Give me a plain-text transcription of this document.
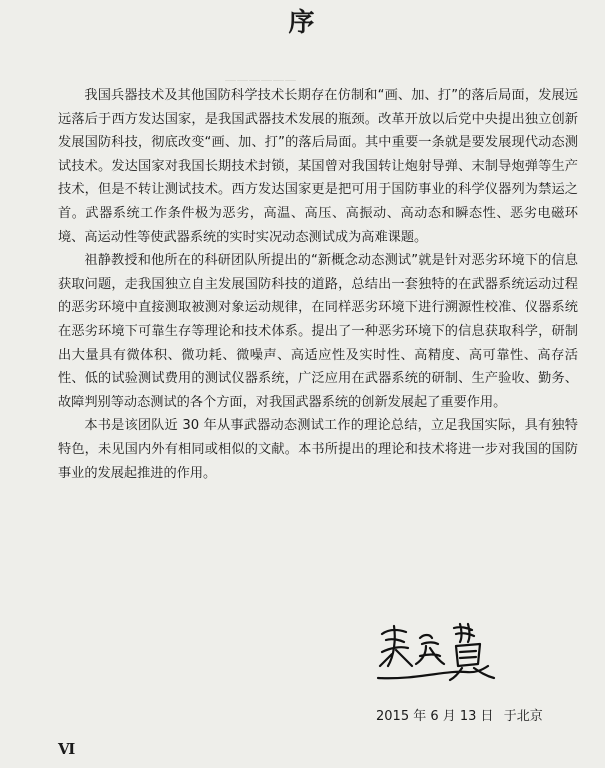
——————

序

我国兵器技术及其他国防科学技术长期存在仿制和“画、加、打”的落后局面，发展远远落后于西方发达国家，是我国武器技术发展的瓶颈。改革开放以后党中央提出独立创新发展国防科技，彻底改变“画、加、打”的落后局面。其中重要一条就是要发展现代动态测试技术。发达国家对我国长期技术封锁，某国曾对我国转让炮射导弹、末制导炮弹等生产技术，但是不转让测试技术。西方发达国家更是把可用于国防事业的科学仪器列为禁运之首。武器系统工作条件极为恶劣，高温、高压、高振动、高动态和瞬态性、恶劣电磁环境、高运动性等使武器系统的实时实况动态测试成为高难课题。

祖静教授和他所在的科研团队所提出的“新概念动态测试”就是针对恶劣环境下的信息获取问题，走我国独立自主发展国防科技的道路，总结出一套独特的在武器系统运动过程的恶劣环境中直接测取被测对象运动规律，在同样恶劣环境下进行溯源性校准、仪器系统在恶劣环境下可靠生存等理论和技术体系。提出了一种恶劣环境下的信息获取科学，研制出大量具有微体积、微功耗、微噪声、高适应性及实时性、高精度、高可靠性、高存活性、低的试验测试费用的测试仪器系统，广泛应用在武器系统的研制、生产验收、勤务、故障判别等动态测试的各个方面，对我国武器系统的创新发展起了重要作用。

本书是该团队近 30 年从事武器动态测试工作的理论总结，立足我国实际，具有独特特色，未见国内外有相同或相似的文献。本书所提出的理论和技术将进一步对我国的国防事业的发展起推进的作用。

2015 年 6 月 13 日 于北京
Ⅵ
